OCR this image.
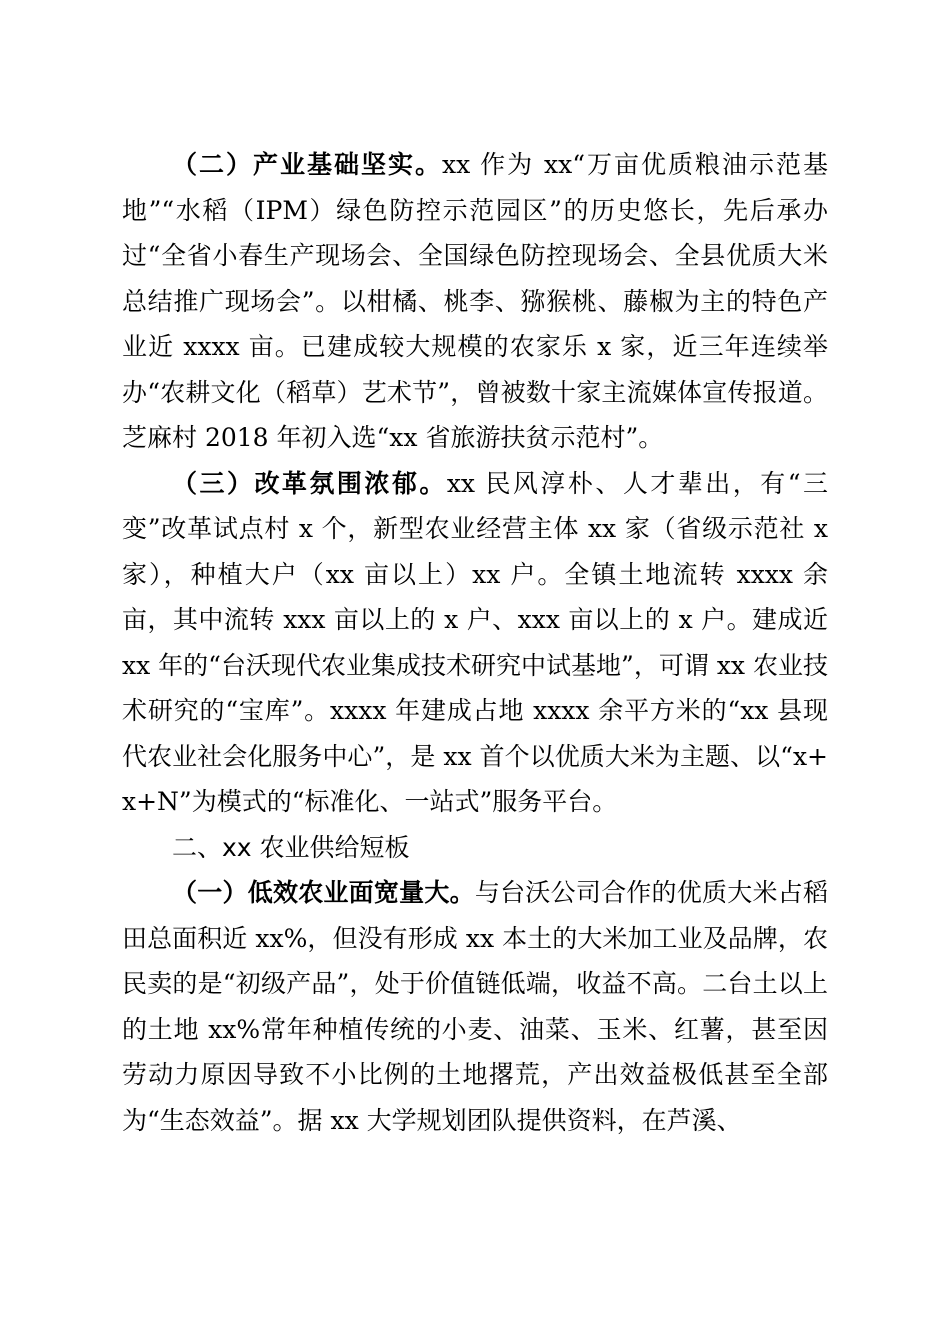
（二）产业基础坚实。xx 作为 xx“万亩优质粮油示范基地”“水稻（IPM）绿色防控示范园区”的历史悠长，先后承办过“全省小春生产现场会、全国绿色防控现场会、全县优质大米总结推广现场会”。以柑橘、桃李、猕猴桃、藤椒为主的特色产业近 xxxx 亩。已建成较大规模的农家乐 x 家，近三年连续举办“农耕文化（稻草）艺术节”，曾被数十家主流媒体宣传报道。芝麻村 2018 年初入选“xx 省旅游扶贫示范村”。

（三）改革氛围浓郁。xx 民风淳朴、人才辈出，有“三变”改革试点村 x 个，新型农业经营主体 xx 家（省级示范社 x 家），种植大户（xx 亩以上）xx 户。全镇土地流转 xxxx 余亩，其中流转 xxx 亩以上的 x 户、xxx 亩以上的 x 户。建成近 xx 年的“台沃现代农业集成技术研究中试基地”，可谓 xx 农业技术研究的“宝库”。xxxx 年建成占地 xxxx 余平方米的“xx 县现代农业社会化服务中心”，是 xx 首个以优质大米为主题、以“x+x+N”为模式的“标准化、一站式”服务平台。

二、xx 农业供给短板

（一）低效农业面宽量大。与台沃公司合作的优质大米占稻田总面积近 xx%，但没有形成 xx 本土的大米加工业及品牌，农民卖的是“初级产品”，处于价值链低端，收益不高。二台土以上的土地 xx%常年种植传统的小麦、油菜、玉米、红薯，甚至因劳动力原因导致不小比例的土地撂荒，产出效益极低甚至全部为“生态效益”。据 xx 大学规划团队提供资料，在芦溪、
